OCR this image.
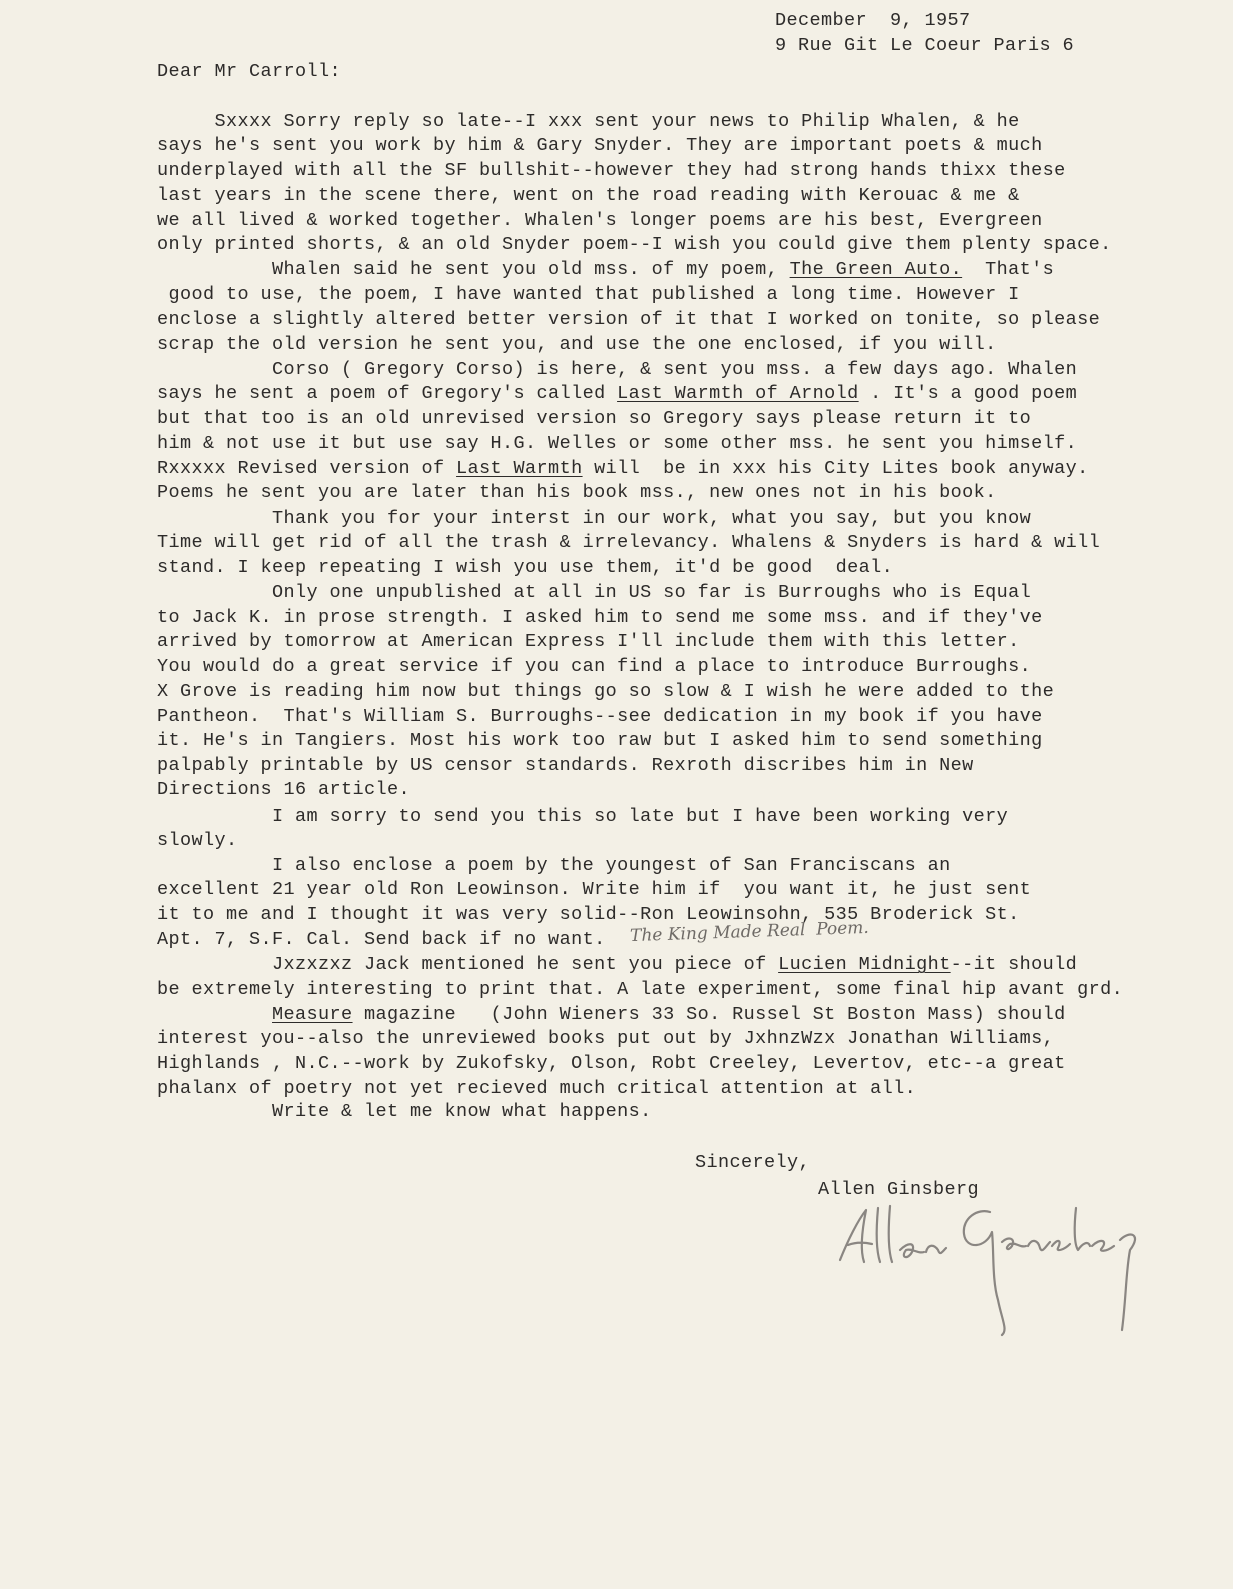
December  9, 1957
9 Rue Git Le Coeur Paris 6
Dear Mr Carroll:
Sxxxx Sorry reply so late--I xxx sent your news to Philip Whalen, & he
says he's sent you work by him & Gary Snyder. They are important poets & much
underplayed with all the SF bullshit--however they had strong hands thixx these
last years in the scene there, went on the road reading with Kerouac & me &
we all lived & worked together. Whalen's longer poems are his best, Evergreen
only printed shorts, & an old Snyder poem--I wish you could give them plenty space.
Whalen said he sent you old mss. of my poem, The Green Auto.  That's
good to use, the poem, I have wanted that published a long time. However I
enclose a slightly altered better version of it that I worked on tonite, so please
scrap the old version he sent you, and use the one enclosed, if you will.
Corso ( Gregory Corso) is here, & sent you mss. a few days ago. Whalen
says he sent a poem of Gregory's called Last Warmth of Arnold . It's a good poem
but that too is an old unrevised version so Gregory says please return it to
him & not use it but use say H.G. Welles or some other mss. he sent you himself.
Rxxxxx Revised version of Last Warmth will  be in xxx his City Lites book anyway.
Poems he sent you are later than his book mss., new ones not in his book.
Thank you for your interst in our work, what you say, but you know
Time will get rid of all the trash & irrelevancy. Whalens & Snyders is hard & will
stand. I keep repeating I wish you use them, it'd be good  deal.
Only one unpublished at all in US so far is Burroughs who is Equal
to Jack K. in prose strength. I asked him to send me some mss. and if they've
arrived by tomorrow at American Express I'll include them with this letter.
You would do a great service if you can find a place to introduce Burroughs.
X Grove is reading him now but things go so slow & I wish he were added to the
Pantheon.  That's William S. Burroughs--see dedication in my book if you have
it. He's in Tangiers. Most his work too raw but I asked him to send something
palpably printable by US censor standards. Rexroth discribes him in New
Directions 16 article.
I am sorry to send you this so late but I have been working very
slowly.
I also enclose a poem by the youngest of San Franciscans an
excellent 21 year old Ron Leowinson. Write him if  you want it, he just sent
it to me and I thought it was very solid--Ron Leowinsohn, 535 Broderick St.
Apt. 7, S.F. Cal. Send back if no want. The King Made Real  Poem.
Jxzxzxz Jack mentioned he sent you piece of Lucien Midnight--it should
be extremely interesting to print that. A late experiment, some final hip avant grd.
Measure magazine   (John Wieners 33 So. Russel St Boston Mass) should
interest you--also the unreviewed books put out by JxhnzWzx Jonathan Williams,
Highlands , N.C.--work by Zukofsky, Olson, Robt Creeley, Levertov, etc--a great
phalanx of poetry not yet recieved much critical attention at all.
Write & let me know what happens.
Sincerely,
Allen Ginsberg
Allen Ginsberg
